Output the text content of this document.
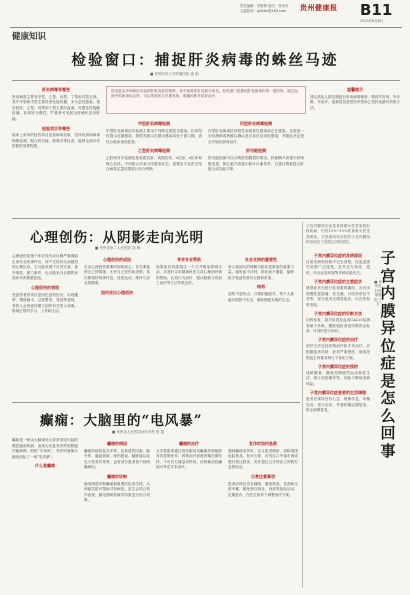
责任编辑：刘智锋 版式：张永民
主编热线：gzfybk@163.com	贵州健康报 B11
2023年8月8日
健康知识
检验窗口：捕捉肝炎病毒的蛛丝马迹
■ 贵州医科大学附属医院 唐 娟
肝炎是由多种病因引起的肝脏炎症的统称，其中病毒性肝炎最为常见。检验窗口是捕捉肝炎病毒的第一道防线，通过血液中的病毒标志物，可以帮助医生早期发现、明确诊断并指导治疗。
肝炎病毒有哪些
肝炎病毒主要有甲型、乙型、丙型、丁型和戊型五种。其中甲型和戊型主要经消化道传播，多为急性感染，预后较好；乙型、丙型和丁型主要经血液、母婴及性接触传播，容易转为慢性，严重者可发展为肝硬化甚至肝癌。
检验项目有哪些
临床上常用的检验项目包括病毒抗原、抗体检测和病毒核酸检测，配合肝功能、影像学等检查，能够全面评估肝脏的受损程度。
甲型肝炎病毒检测
甲型肝炎病毒抗体检测主要用于判断近期是否感染。抗体阳性提示近期感染，阴性则提示近期未感染或处于窗口期，需结合临床表现复查。
乙型肝炎病毒检测
乙肝两对半检测包括表面抗原、表面抗体、e抗原、e抗体和核心抗体。不同组合代表不同感染状态，需要由专业医生结合病毒定量结果进行综合判断。
丙型肝炎病毒检测
丙型肝炎病毒抗体阳性说明曾经感染或正在感染，还需进一步检测病毒核酸以确认是否存在活动性感染，并据此决定是否开始抗病毒治疗。
肝功能检测
肝功能检测可以反映肝细胞损伤情况。转氨酶升高提示肝细胞受损，胆红素升高提示胆汁代谢异常，白蛋白降低提示肝脏合成功能下降。
温馨提示
建议高危人群定期进行肝炎病毒筛查，做到早发现、早诊断、早治疗。接种疫苗是预防甲型和乙型肝炎最有效的方法。
心理创伤：从阴影走向光明
■ 贵州省第二人民医院 刘 梅
心理创伤是指个体在经历或目睹严重威胁生命安全的事件后，所产生的持久而强烈的心理反应。它可能来源于自然灾害、意外事故、暴力事件，也可能来自长期的家庭冲突或情感忽视。
心理创伤的表现
受创伤者常常反复回忆创伤经历，出现噩梦、情绪麻木、过度警觉、易怒等表现，有的人会刻意回避与创伤有关的人和事，影响正常的学习、工作和生活。
心理创伤的成因
走出心理创伤需要时间和耐心。首先要接纳自己的情绪，允许自己悲伤和恐惧；其次要保持规律作息，适度运动，维持与亲友的联系。
如何走出心理创伤
寻求专业帮助
如果症状持续超过一个月并明显影响生活，应及时寻求精神科医生或心理治疗师的帮助。认知行为治疗、眼动脱敏与再加工治疗等方法效果良好。
社会支持的重要性
家人和朋友的理解与陪伴是康复的重要力量。倾听而不评判，陪伴而不催促，能够给予受创伤者安全感和希望。
结语
创伤不是终点，只要积极面对，每个人都能从阴影中走出，重新拥抱光明的生活。
癫痫：大脑里的“电风暴”
■ 贵州省人民医院神经内科 张 霞
癫痫是一种由大脑神经元异常放电引起的慢性脑部疾病，表现为反复发作的短暂脑功能障碍，俗称“羊角风”。发作时就像大脑里刮起了一场“电风暴”。
什么是癫痫
癫痫的病因
癫痫的病因复杂多样，包括遗传因素、脑外伤、脑血管病、颅内感染、脑肿瘤以及先天发育异常等，也有部分患者找不到明确病因。
癫痫的诊断
脑电图是诊断癫痫最重要的检查手段，头颅磁共振可帮助寻找病因。医生会结合发作表现、脑电图和影像学结果进行综合判断。
癫痫的治疗
大多数患者通过规范服用抗癫痫药物能够有效控制发作。药物治疗需遵医嘱长期坚持，不可自行减量或停药。药物难治性癫痫可考虑手术治疗。
发作时如何急救
遇到癫痫发作时，应让患者侧卧，清除周围危险物品，松开衣领，切勿往口中塞东西或强行按压肢体。发作超过五分钟应立即拨打急救电话。
日常注意事项
患者应保证充足睡眠，避免熬夜、饮酒和过度劳累，避免独自游泳、登高等危险活动，定期复诊，在医生指导下调整治疗方案。
子宫内膜异位症是怎么回事
■ 贵州省妇幼保健院 王 芳
子宫内膜异位症是育龄期女性常见的妇科疾病，约有10%~15%的育龄女性受其困扰。它是指具有活性的子宫内膜组织出现在子宫腔以外的部位。
子宫内膜异位症的发病原因
目前发病原因尚不完全清楚，经血逆流学说被广泛接受，此外还与免疫、遗传、内分泌及环境等多种因素有关。
子宫内膜异位症的主要症状
典型症状为进行性加重的痛经，还可出现慢性盆腔痛、性交痛、月经异常及不孕等，部分患者无明显症状，仅在体检时发现。
子宫内膜异位症的诊断方法
妇科检查、超声检查及血清CA125检测有助于诊断，腹腔镜检查是诊断的金标准，可同时进行治疗。
子宫内膜异位症的治疗
治疗方法包括药物治疗和手术治疗，应根据患者年龄、症状严重程度、病变范围及生育要求制订个体化方案。
子宫内膜异位症的预防
适龄婚育、避免经期剧烈运动和性生活、减少宫腔操作等，有助于降低发病风险。
子宫内膜异位症患者的生活调理
患者应保持良好心态，规律作息，均衡饮食，适当运动，并遵医嘱定期复查，防止病情复发。
